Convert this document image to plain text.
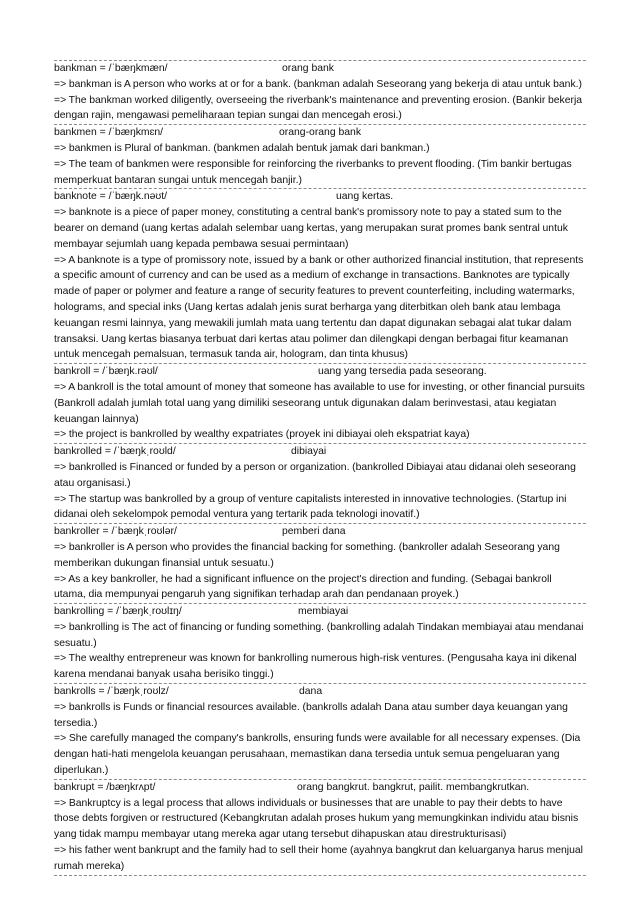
bankman = /ˈbæŋkmæn/	orang bank

=> bankman is A person who works at or for a bank. (bankman adalah Seseorang yang bekerja di atau untuk bank.)

=> The bankman worked diligently, overseeing the riverbank's maintenance and preventing erosion. (Bankir bekerja dengan rajin, mengawasi pemeliharaan tepian sungai dan mencegah erosi.)

bankmen = /ˈbæŋkmɛn/	orang-orang bank

=> bankmen is Plural of bankman. (bankmen adalah bentuk jamak dari bankman.)

=> The team of bankmen were responsible for reinforcing the riverbanks to prevent flooding. (Tim bankir bertugas memperkuat bantaran sungai untuk mencegah banjir.)

banknote = /ˈbæŋk.nəʊt/	uang kertas.

=> banknote is a piece of paper money, constituting a central bank's promissory note to pay a stated sum to the bearer on demand (uang kertas adalah selembar uang kertas, yang merupakan surat promes bank sentral untuk membayar sejumlah uang kepada pembawa sesuai permintaan)

=> A banknote is a type of promissory note, issued by a bank or other authorized financial institution, that represents a specific amount of currency and can be used as a medium of exchange in transactions. Banknotes are typically made of paper or polymer and feature a range of security features to prevent counterfeiting, including watermarks, holograms, and special inks (Uang kertas adalah jenis surat berharga yang diterbitkan oleh bank atau lembaga keuangan resmi lainnya, yang mewakili jumlah mata uang tertentu dan dapat digunakan sebagai alat tukar dalam transaksi. Uang kertas biasanya terbuat dari kertas atau polimer dan dilengkapi dengan berbagai fitur keamanan untuk mencegah pemalsuan, termasuk tanda air, hologram, dan tinta khusus)

bankroll = /ˈbæŋk.rəʊl/	uang yang tersedia pada seseorang.

=> A bankroll is the total amount of money that someone has available to use for investing, or other financial pursuits (Bankroll adalah jumlah total uang yang dimiliki seseorang untuk digunakan dalam berinvestasi, atau kegiatan keuangan lainnya)

=> the project is bankrolled by wealthy expatriates (proyek ini dibiayai oleh ekspatriat kaya)

bankrolled = /ˈbæŋkˌroʊld/	dibiayai

=> bankrolled is Financed or funded by a person or organization. (bankrolled Dibiayai atau didanai oleh seseorang atau organisasi.)

=> The startup was bankrolled by a group of venture capitalists interested in innovative technologies. (Startup ini didanai oleh sekelompok pemodal ventura yang tertarik pada teknologi inovatif.)

bankroller = /ˈbæŋkˌroʊlər/	pemberi dana

=> bankroller is A person who provides the financial backing for something. (bankroller adalah Seseorang yang memberikan dukungan finansial untuk sesuatu.)

=> As a key bankroller, he had a significant influence on the project's direction and funding. (Sebagai bankroll utama, dia mempunyai pengaruh yang signifikan terhadap arah dan pendanaan proyek.)

bankrolling = /ˈbæŋkˌroʊlɪŋ/	membiayai

=> bankrolling is The act of financing or funding something. (bankrolling adalah Tindakan membiayai atau mendanai sesuatu.)

=> The wealthy entrepreneur was known for bankrolling numerous high-risk ventures. (Pengusaha kaya ini dikenal karena mendanai banyak usaha berisiko tinggi.)

bankrolls = /ˈbæŋkˌroʊlz/	dana

=> bankrolls is Funds or financial resources available. (bankrolls adalah Dana atau sumber daya keuangan yang tersedia.)

=> She carefully managed the company's bankrolls, ensuring funds were available for all necessary expenses. (Dia dengan hati-hati mengelola keuangan perusahaan, memastikan dana tersedia untuk semua pengeluaran yang diperlukan.)

bankrupt = /bæŋkrʌpt/	orang bangkrut. bangkrut, pailit. membangkrutkan.

=> Bankruptcy is a legal process that allows individuals or businesses that are unable to pay their debts to have those debts forgiven or restructured (Kebangkrutan adalah proses hukum yang memungkinkan individu atau bisnis yang tidak mampu membayar utang mereka agar utang tersebut dihapuskan atau direstrukturisasi)

=> his father went bankrupt and the family had to sell their home (ayahnya bangkrut dan keluarganya harus menjual rumah mereka)
